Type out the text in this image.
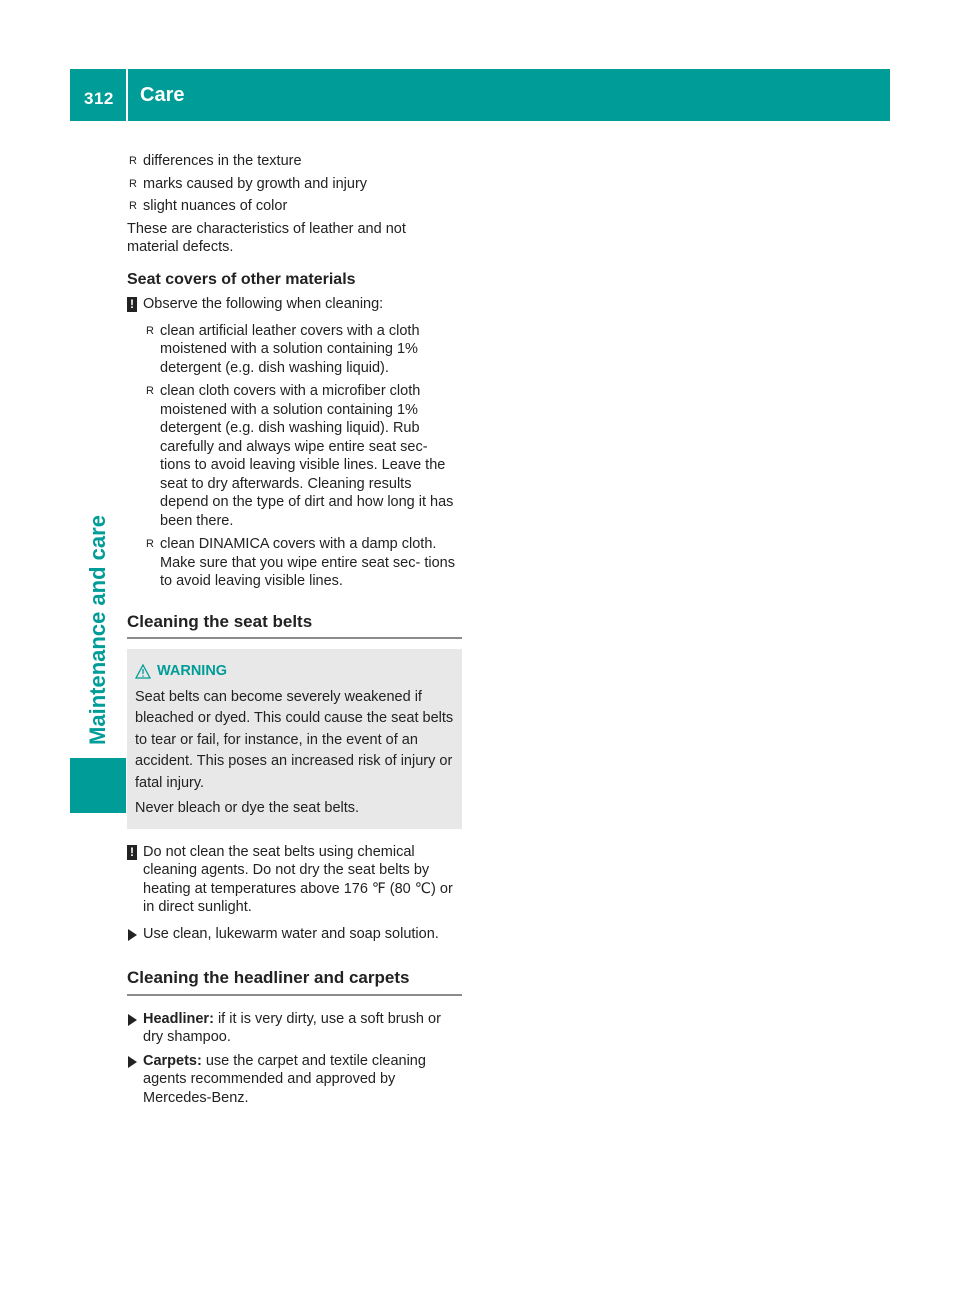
312	Care
Maintenance and care
R differences in the texture
R marks caused by growth and injury
R slight nuances of color

These are characteristics of leather and not material defects.

Seat covers of other materials
! Observe the following when cleaning:
R clean artificial leather covers with a cloth moistened with a solution containing 1% detergent (e.g. dish washing liquid).
R clean cloth covers with a microfiber cloth moistened with a solution containing 1% detergent (e.g. dish washing liquid). Rub carefully and always wipe entire seat sec- tions to avoid leaving visible lines. Leave the seat to dry afterwards. Cleaning results depend on the type of dirt and how long it has been there.
R clean DINAMICA covers with a damp cloth. Make sure that you wipe entire seat sec- tions to avoid leaving visible lines.
Cleaning the seat belts
WARNING

Seat belts can become severely weakened if bleached or dyed. This could cause the seat belts to tear or fail, for instance, in the event of an accident. This poses an increased risk of injury or fatal injury.

Never bleach or dye the seat belts.

! Do not clean the seat belts using chemical cleaning agents. Do not dry the seat belts by heating at temperatures above 176 ℉ (80 ℃) or in direct sunlight.
Use clean, lukewarm water and soap solution.
Cleaning the headliner and carpets
Headliner: if it is very dirty, use a soft brush or dry shampoo.
Carpets: use the carpet and textile cleaning agents recommended and approved by Mercedes-Benz.
